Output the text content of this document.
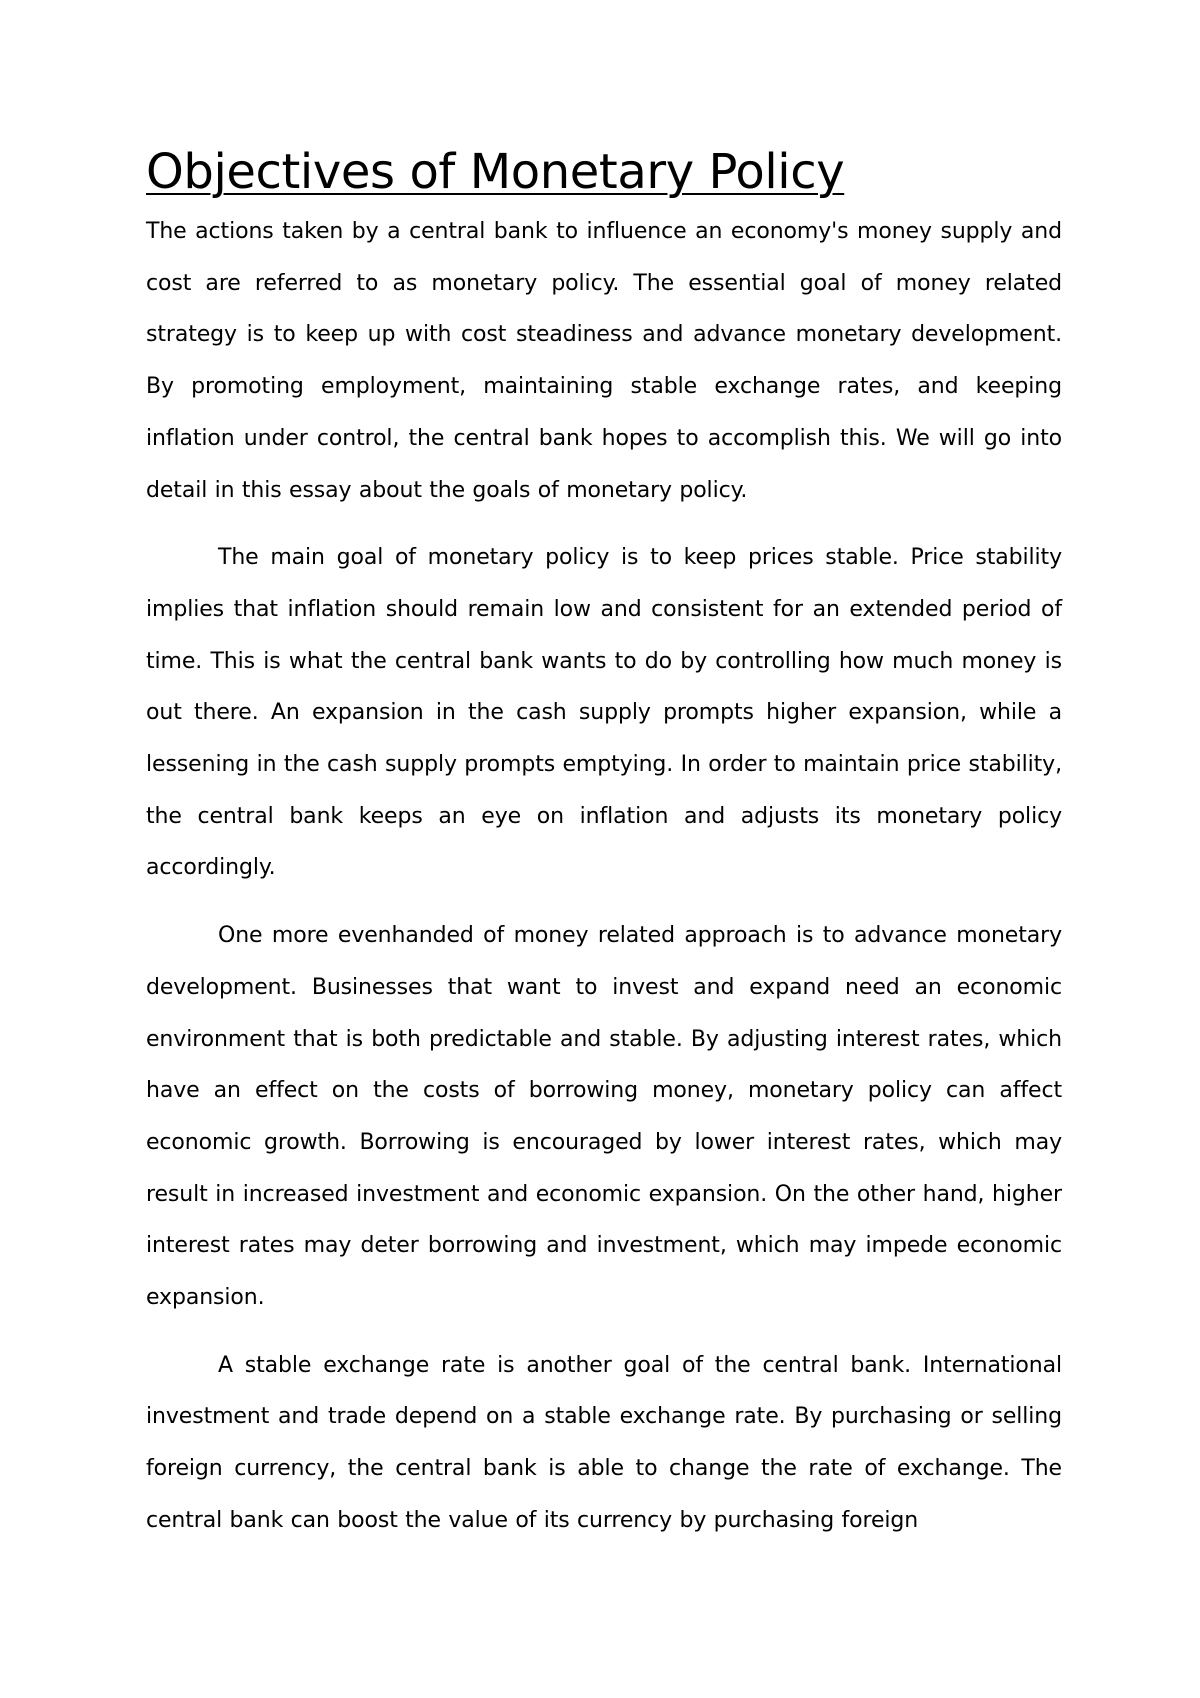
Objectives of Monetary Policy

The actions taken by a central bank to influence an economy's money supply and cost are referred to as monetary policy. The essential goal of money related strategy is to keep up with cost steadiness and advance monetary development. By promoting employment, maintaining stable exchange rates, and keeping inflation under control, the central bank hopes to accomplish this. We will go into detail in this essay about the goals of monetary policy.

The main goal of monetary policy is to keep prices stable. Price stability implies that inflation should remain low and consistent for an extended period of time. This is what the central bank wants to do by controlling how much money is out there. An expansion in the cash supply prompts higher expansion, while a lessening in the cash supply prompts emptying. In order to maintain price stability, the central bank keeps an eye on inflation and adjusts its monetary policy accordingly.

One more evenhanded of money related approach is to advance monetary development. Businesses that want to invest and expand need an economic environment that is both predictable and stable. By adjusting interest rates, which have an effect on the costs of borrowing money, monetary policy can affect economic growth. Borrowing is encouraged by lower interest rates, which may result in increased investment and economic expansion. On the other hand, higher interest rates may deter borrowing and investment, which may impede economic expansion.

A stable exchange rate is another goal of the central bank. International investment and trade depend on a stable exchange rate. By purchasing or selling foreign currency, the central bank is able to change the rate of exchange. The central bank can boost the value of its currency by purchasing foreign
